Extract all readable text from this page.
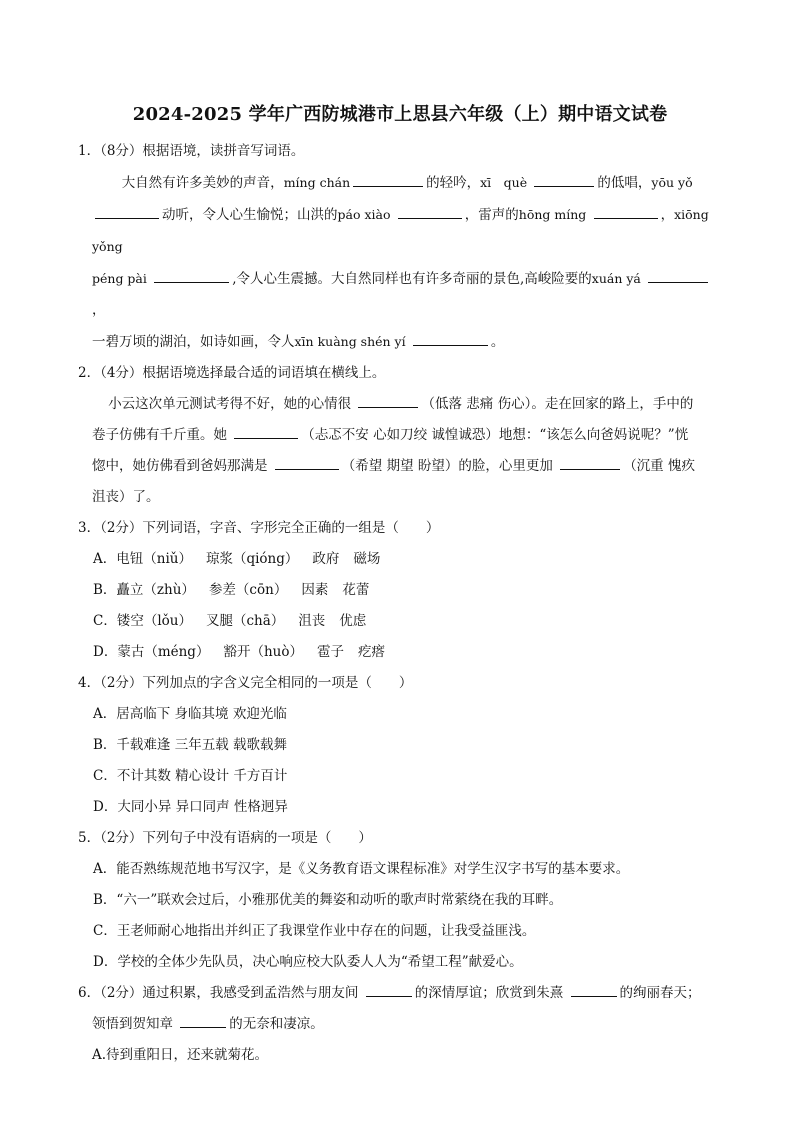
2024-2025 学年广西防城港市上思县六年级（上）期中语文试卷

1．（8分）根据语境，读拼音写词语。

大自然有许多美妙的声音，míng chán	的轻吟，xī　què	的低唱，yōu yǒ

动听，令人心生愉悦；山洪的páo xiào	，雷声的hōng míng	，xiōng yǒng

péng pài	,令人心生震撼。大自然同样也有许多奇丽的景色,高峻险要的xuán yá ，

一碧万顷的湖泊，如诗如画，令人xīn kuàng shén yí	。

2．（4分）根据语境选择最合适的词语填在横线上。

小云这次单元测试考得不好，她的心情很	（低落 悲痛 伤心）。走在回家的路上，手中的

卷子仿佛有千斤重。她	（忐忑不安 心如刀绞 诚惶诚恐）地想：“该怎么向爸妈说呢？”恍

惚中，她仿佛看到爸妈那满是	（希望 期望 盼望）的脸，心里更加	（沉重 愧疚

沮丧）了。

3．（2分）下列词语，字音、字形完全正确的一组是（　　）

A．电钮（niǔ） 琼浆（qióng） 政府 磁场

B．矗立（zhù） 参差（cōn） 因素 花蕾

C．镂空（lǒu） 叉腿（chā） 沮丧 优虑

D．蒙古（méng） 豁开（huò） 雹子 疙瘩

4．（2分）下列加点的字含义完全相同的一项是（　　）

A．居高临下 身临其境 欢迎光临

B．千载难逢 三年五载 载歌载舞

C．不计其数 精心设计 千方百计

D．大同小异 异口同声 性格迥异

5．（2分）下列句子中没有语病的一项是（　　）

A．能否熟练规范地书写汉字，是《义务教育语文课程标准》对学生汉字书写的基本要求。

B．“六一”联欢会过后，小雅那优美的舞姿和动听的歌声时常萦绕在我的耳畔。

C．王老师耐心地指出并纠正了我课堂作业中存在的问题，让我受益匪浅。

D．学校的全体少先队员，决心响应校大队委人人为“希望工程”献爱心。

6．（2分）通过积累，我感受到孟浩然与朋友间	的深情厚谊；欣赏到朱熹	的绚丽春天；

领悟到贺知章	的无奈和凄凉。

A.待到重阳日，还来就菊花。
